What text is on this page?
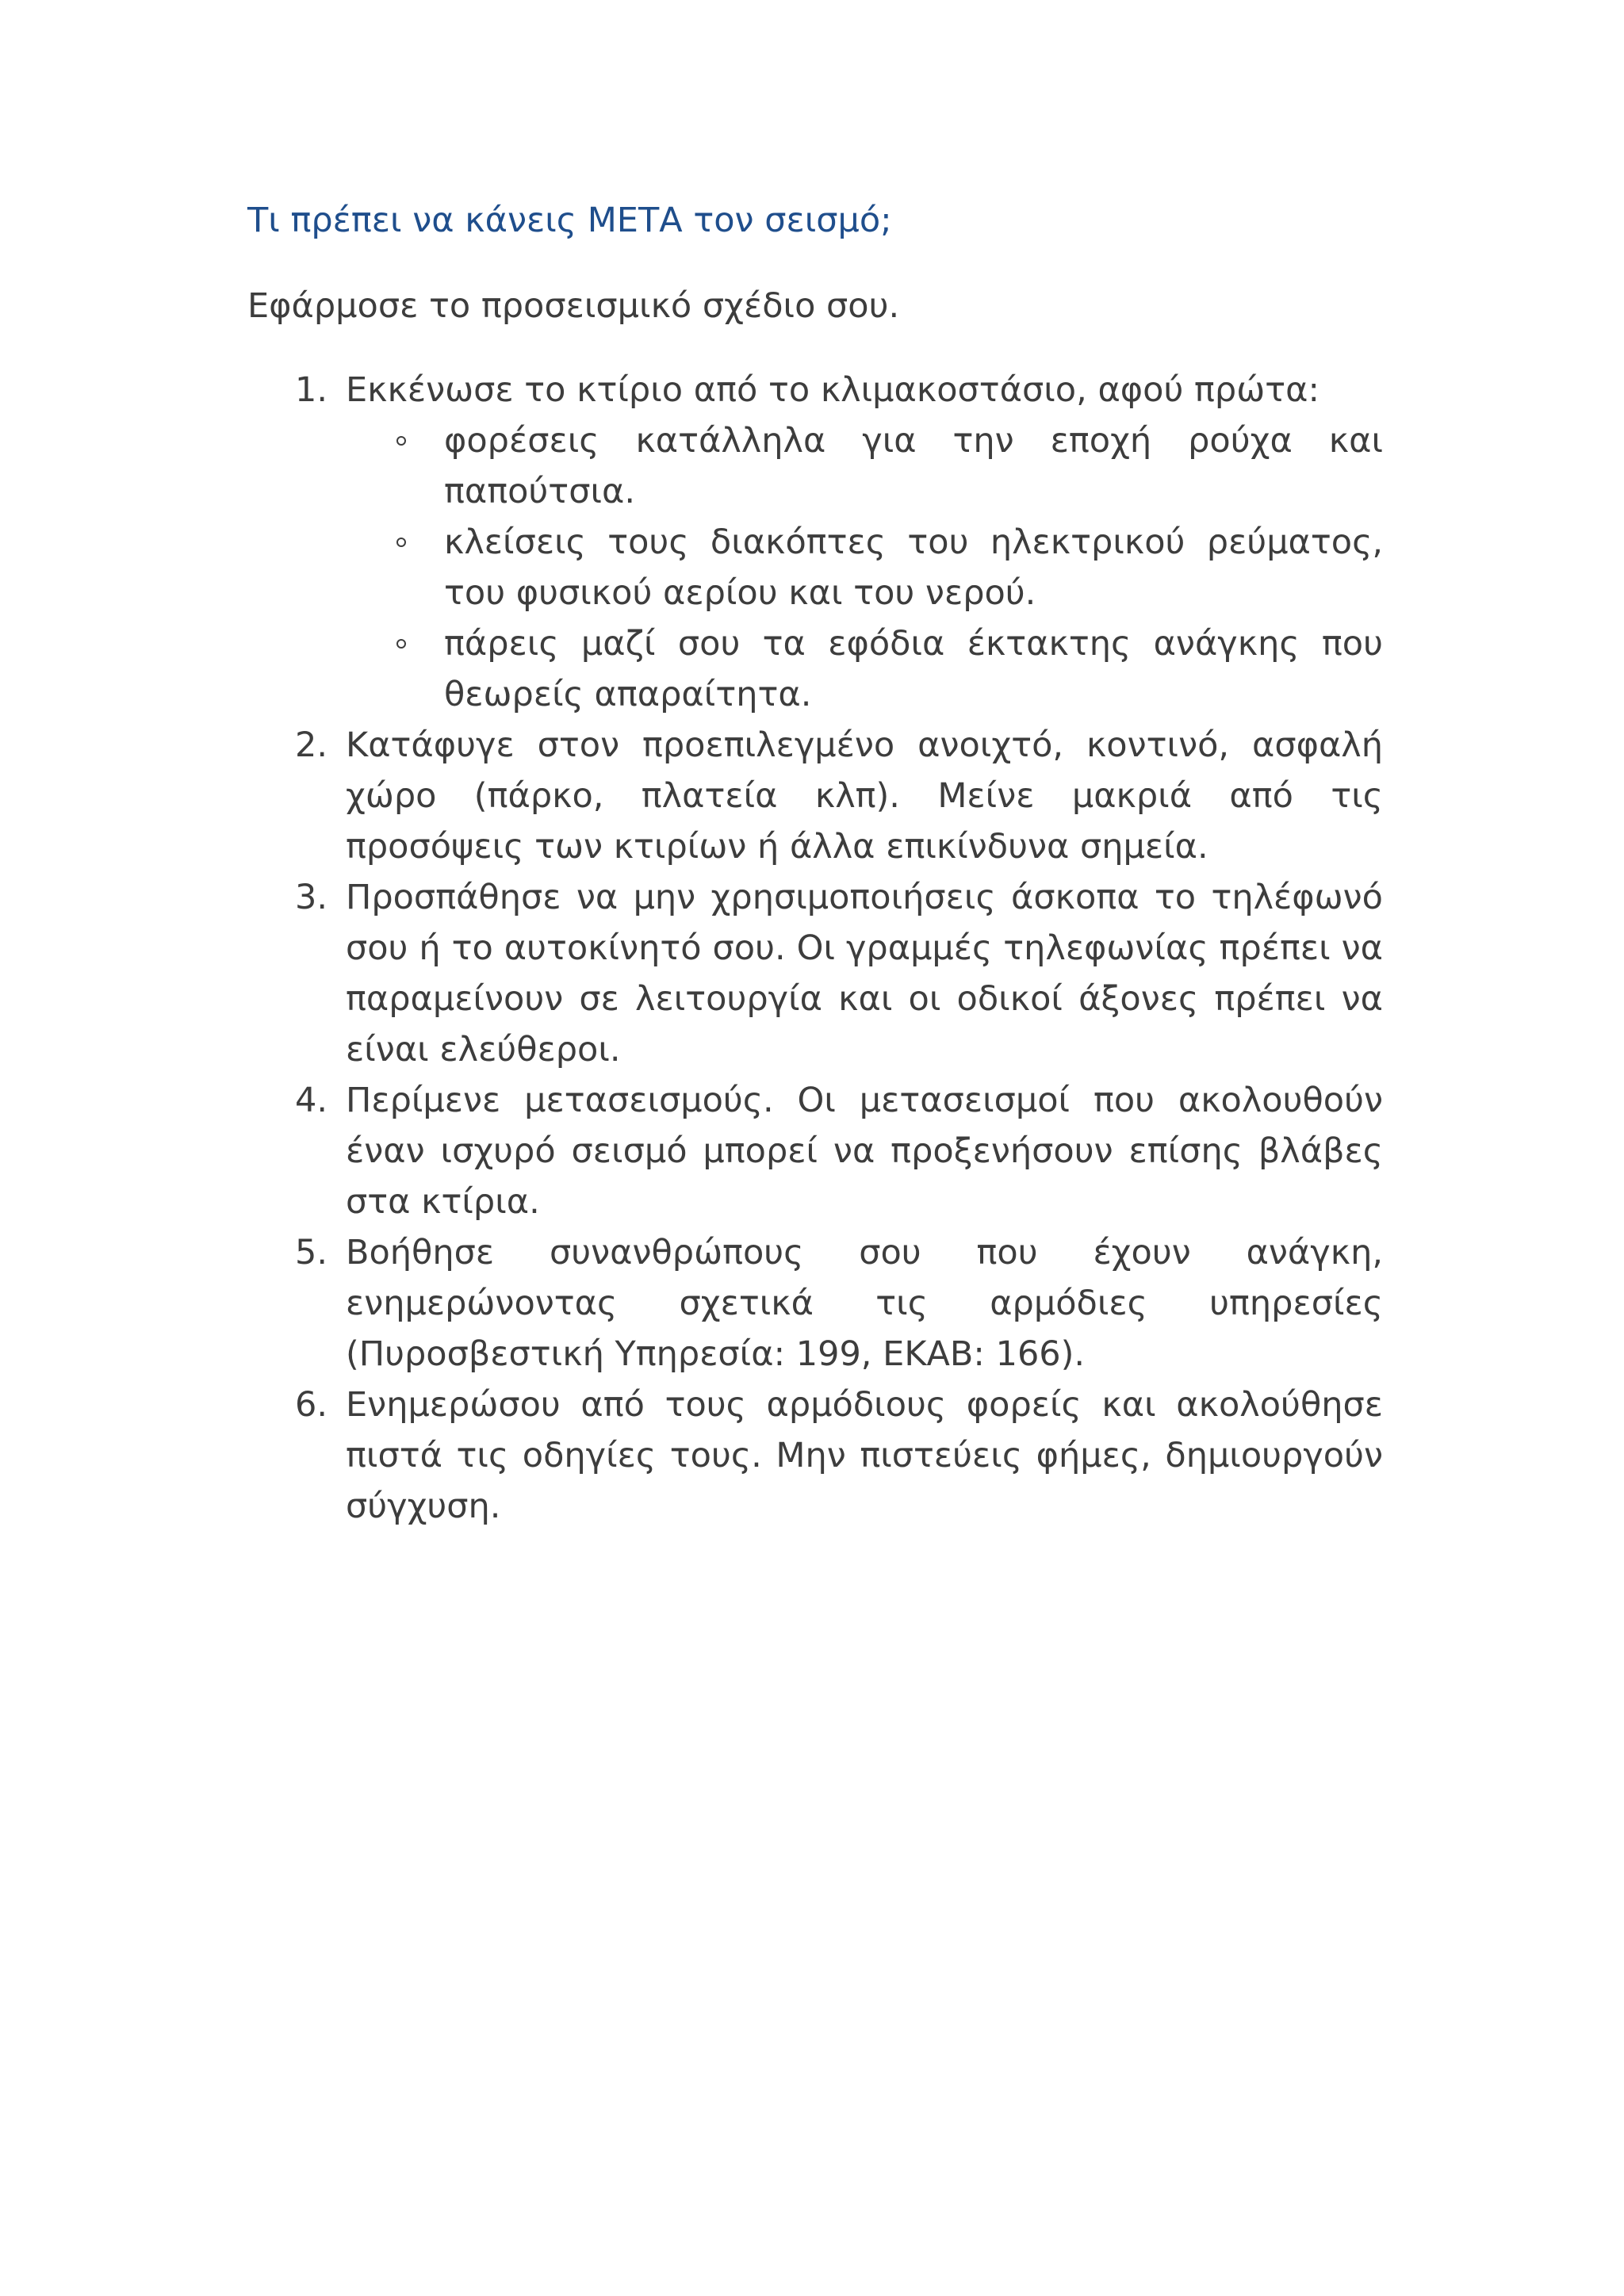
Τι πρέπει να κάνεις ΜΕΤΑ τον σεισμό;
Εφάρμοσε το προσεισμικό σχέδιο σου.
1. Εκκένωσε το κτίριο από το κλιμακοστάσιο, αφού πρώτα:
φορέσεις κατάλληλα για την εποχή ρούχα και παπούτσια.
κλείσεις τους διακόπτες του ηλεκτρικού ρεύματος, του φυσικού αερίου και του νερού.
πάρεις μαζί σου τα εφόδια έκτακτης ανάγκης που θεωρείς απαραίτητα.
2. Κατάφυγε στον προεπιλεγμένο ανοιχτό, κοντινό, ασφαλή χώρο (πάρκο, πλατεία κλπ). Μείνε μακριά από τις προσόψεις των κτιρίων ή άλλα επικίνδυνα σημεία.
3. Προσπάθησε να μην χρησιμοποιήσεις άσκοπα το τηλέφωνό σου ή το αυτοκίνητό σου. Οι γραμμές τηλεφωνίας πρέπει να παραμείνουν σε λειτουργία και οι οδικοί άξονες πρέπει να είναι ελεύθεροι.
4. Περίμενε μετασεισμούς. Οι μετασεισμοί που ακολουθούν έναν ισχυρό σεισμό μπορεί να προξενήσουν επίσης βλάβες στα κτίρια.
5. Βοήθησε συνανθρώπους σου που έχουν ανάγκη, ενημερώνοντας σχετικά τις αρμόδιες υπηρεσίες (Πυροσβεστική Υπηρεσία: 199, ΕΚΑΒ: 166).
6. Ενημερώσου από τους αρμόδιους φορείς και ακολούθησε πιστά τις οδηγίες τους. Μην πιστεύεις φήμες, δημιουργούν σύγχυση.
